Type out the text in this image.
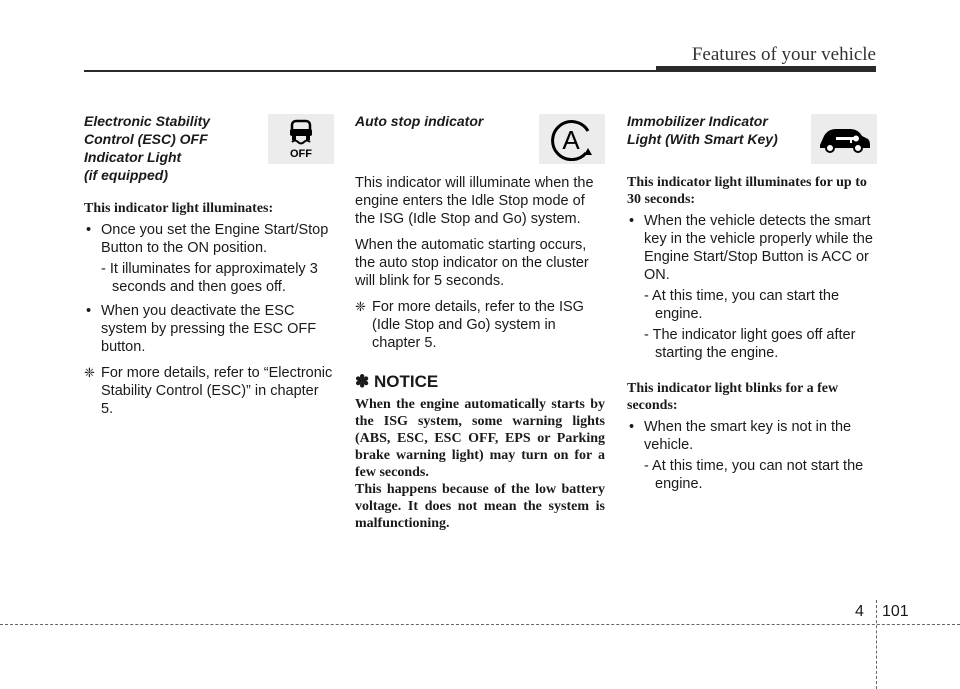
Features of your vehicle
Electronic Stability
Control (ESC) OFF
Indicator Light
(if equipped)
OFF
This indicator light illuminates:
• Once you set the Engine Start/Stop Button to the ON position.
- It illuminates for approximately 3 seconds and then goes off.
• When you deactivate the ESC system by pressing the ESC OFF button.
❈ For more details, refer to “Electronic Stability Control (ESC)” in chapter 5.
Auto stop indicator
A
This indicator will illuminate when the engine enters the Idle Stop mode of the ISG (Idle Stop and Go) system.
When the automatic starting occurs, the auto stop indicator on the cluster will blink for 5 seconds.
❈ For more details, refer to the ISG (Idle Stop and Go) system in chapter 5.
✽ NOTICE
When the engine automatically starts by the ISG system, some warning lights (ABS, ESC, ESC OFF, EPS or Parking brake warning light) may turn on for a few seconds.
This happens because of the low battery voltage. It does not mean the system is malfunctioning.
Immobilizer Indicator
Light (With Smart Key)
This indicator light illuminates for up to 30 seconds:
• When the vehicle detects the smart key in the vehicle properly while the Engine Start/Stop Button is ACC or ON.
- At this time, you can start the engine.
- The indicator light goes off after starting the engine.
This indicator light blinks for a few seconds:
• When the smart key is not in the vehicle.
- At this time, you can not start the engine.
4 101
